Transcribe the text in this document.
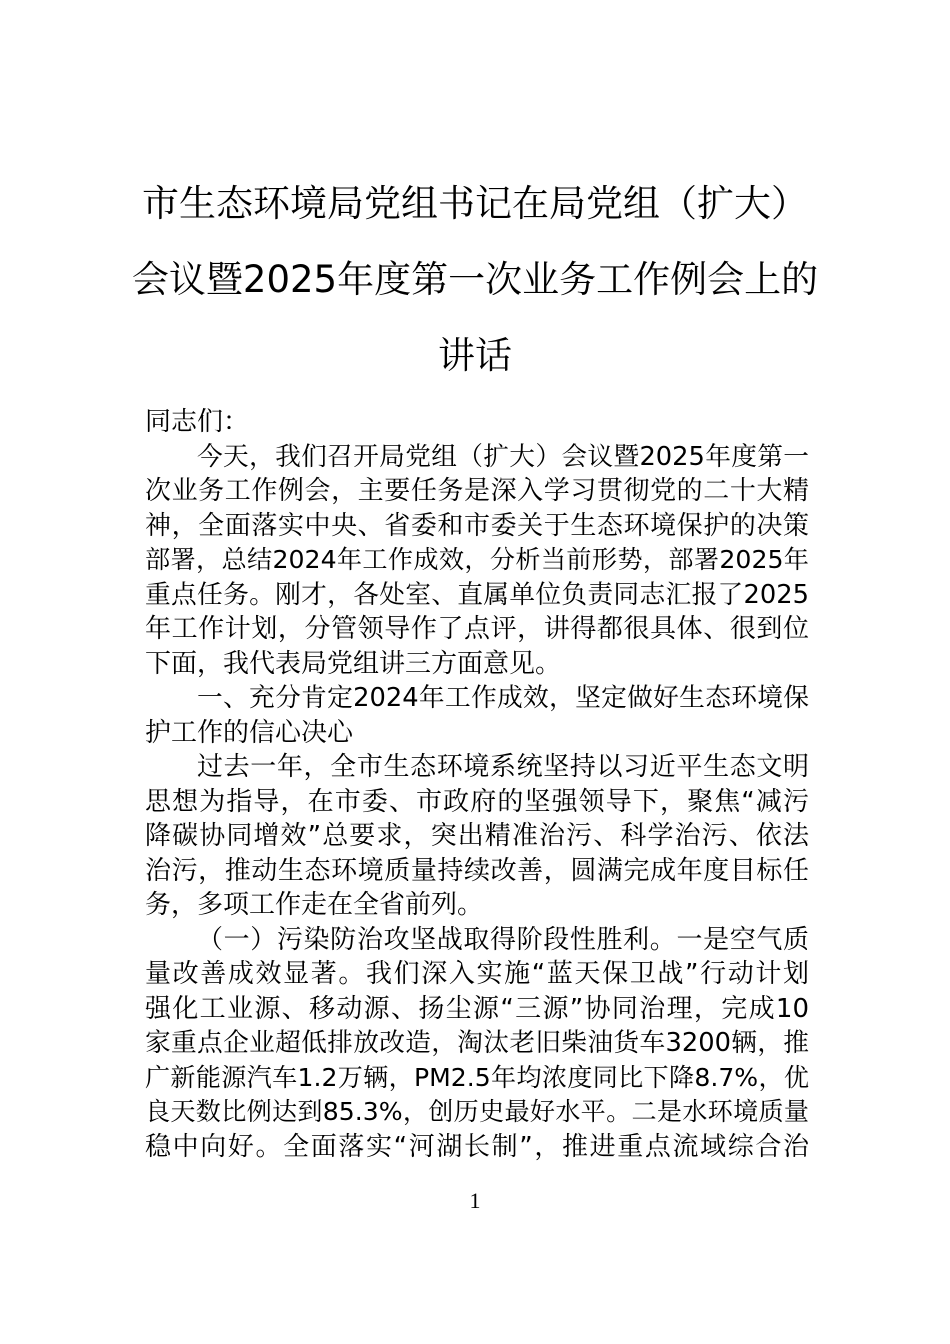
市生态环境局党组书记在局党组（扩大）
会议暨2025年度第一次业务工作例会上的
讲话
同志们：
今天，我们召开局党组（扩大）会议暨2025年度第一
次业务工作例会，主要任务是深入学习贯彻党的二十大精
神，全面落实中央、省委和市委关于生态环境保护的决策
部署，总结2024年工作成效，分析当前形势，部署2025年
重点任务。刚才，各处室、直属单位负责同志汇报了2025
年工作计划，分管领导作了点评，讲得都很具体、很到位
下面，我代表局党组讲三方面意见。
一、充分肯定2024年工作成效，坚定做好生态环境保
护工作的信心决心
过去一年，全市生态环境系统坚持以习近平生态文明
思想为指导，在市委、市政府的坚强领导下，聚焦“减污
降碳协同增效”总要求，突出精准治污、科学治污、依法
治污，推动生态环境质量持续改善，圆满完成年度目标任
务，多项工作走在全省前列。
（一）污染防治攻坚战取得阶段性胜利。一是空气质
量改善成效显著。我们深入实施“蓝天保卫战”行动计划
强化工业源、移动源、扬尘源“三源”协同治理，完成10
家重点企业超低排放改造，淘汰老旧柴油货车3200辆，推
广新能源汽车1.2万辆，PM2.5年均浓度同比下降8.7%，优
良天数比例达到85.3%，创历史最好水平。二是水环境质量
稳中向好。全面落实“河湖长制”，推进重点流域综合治
1
